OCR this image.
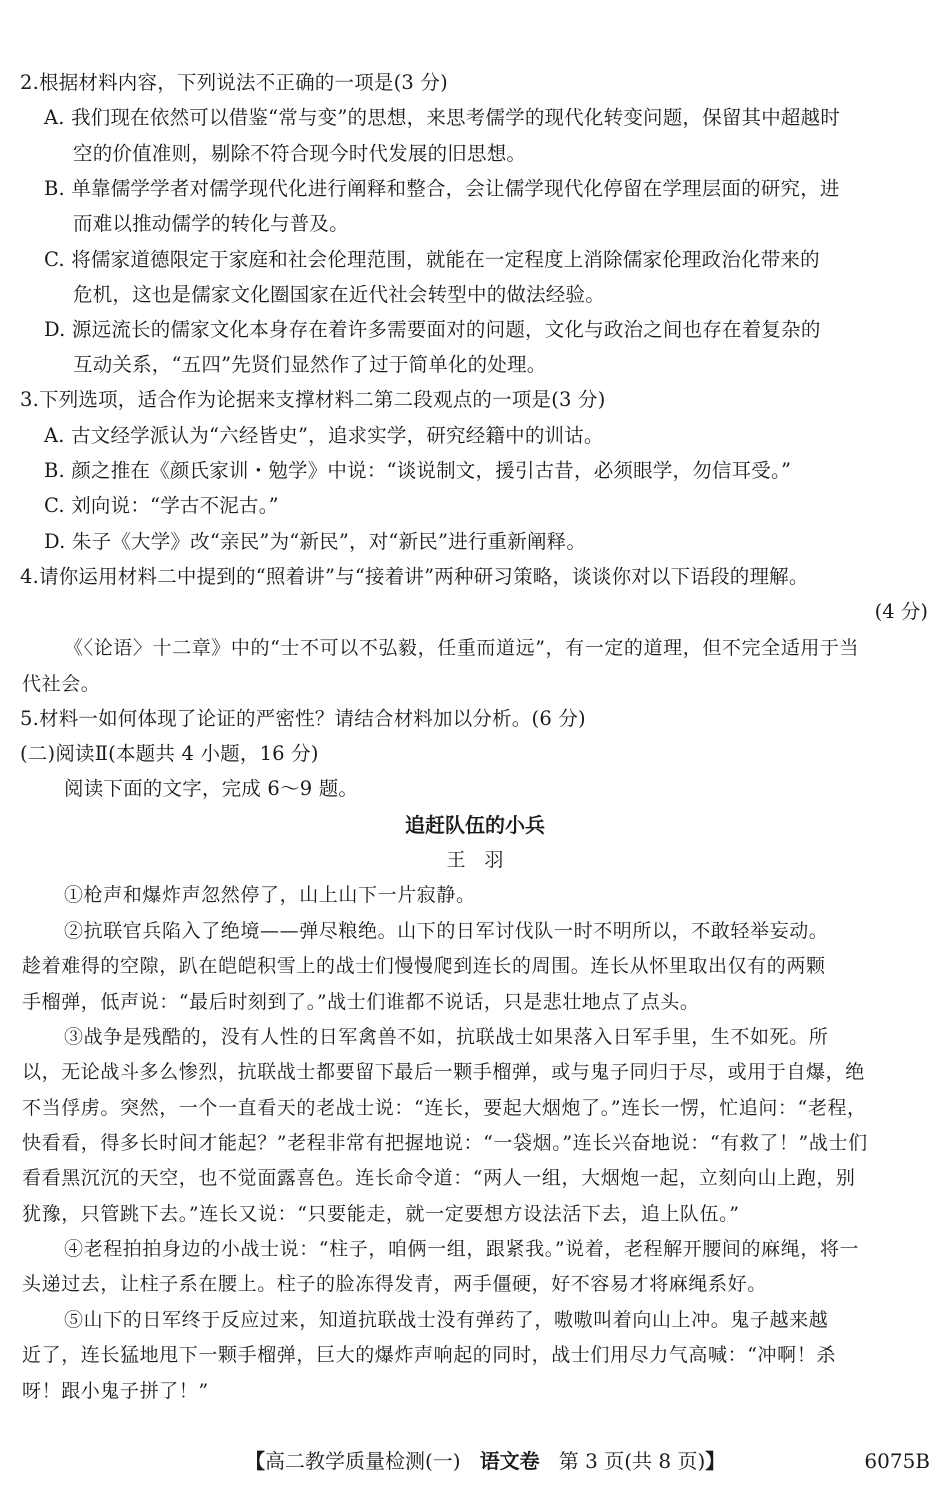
2.根据材料内容，下列说法不正确的一项是(3 分)
A. 我们现在依然可以借鉴“常与变”的思想，来思考儒学的现代化转变问题，保留其中超越时
空的价值准则，剔除不符合现今时代发展的旧思想。
B. 单靠儒学学者对儒学现代化进行阐释和整合，会让儒学现代化停留在学理层面的研究，进
而难以推动儒学的转化与普及。
C. 将儒家道德限定于家庭和社会伦理范围，就能在一定程度上消除儒家伦理政治化带来的
危机，这也是儒家文化圈国家在近代社会转型中的做法经验。
D. 源远流长的儒家文化本身存在着许多需要面对的问题，文化与政治之间也存在着复杂的
互动关系，“五四”先贤们显然作了过于简单化的处理。
3.下列选项，适合作为论据来支撑材料二第二段观点的一项是(3 分)
A. 古文经学派认为“六经皆史”，追求实学，研究经籍中的训诂。
B. 颜之推在《颜氏家训・勉学》中说：“谈说制文，援引古昔，必须眼学，勿信耳受。”
C. 刘向说：“学古不泥古。”
D. 朱子《大学》改“亲民”为“新民”，对“新民”进行重新阐释。
4.请你运用材料二中提到的“照着讲”与“接着讲”两种研习策略，谈谈你对以下语段的理解。
(4 分)
《〈论语〉十二章》中的“士不可以不弘毅，任重而道远”，有一定的道理，但不完全适用于当
代社会。
5.材料一如何体现了论证的严密性？请结合材料加以分析。(6 分)
(二)阅读Ⅱ(本题共 4 小题，16 分)
阅读下面的文字，完成 6～9 题。
追赶队伍的小兵
王　羽
①枪声和爆炸声忽然停了，山上山下一片寂静。
②抗联官兵陷入了绝境——弹尽粮绝。山下的日军讨伐队一时不明所以，不敢轻举妄动。
趁着难得的空隙，趴在皑皑积雪上的战士们慢慢爬到连长的周围。连长从怀里取出仅有的两颗
手榴弹，低声说：“最后时刻到了。”战士们谁都不说话，只是悲壮地点了点头。
③战争是残酷的，没有人性的日军禽兽不如，抗联战士如果落入日军手里，生不如死。所
以，无论战斗多么惨烈，抗联战士都要留下最后一颗手榴弹，或与鬼子同归于尽，或用于自爆，绝
不当俘虏。突然，一个一直看天的老战士说：“连长，要起大烟炮了。”连长一愣，忙追问：“老程，
快看看，得多长时间才能起？”老程非常有把握地说：“一袋烟。”连长兴奋地说：“有救了！”战士们
看看黑沉沉的天空，也不觉面露喜色。连长命令道：“两人一组，大烟炮一起，立刻向山上跑，别
犹豫，只管跳下去。”连长又说：“只要能走，就一定要想方设法活下去，追上队伍。”
④老程拍拍身边的小战士说：“柱子，咱俩一组，跟紧我。”说着，老程解开腰间的麻绳，将一
头递过去，让柱子系在腰上。柱子的脸冻得发青，两手僵硬，好不容易才将麻绳系好。
⑤山下的日军终于反应过来，知道抗联战士没有弹药了，嗷嗷叫着向山上冲。鬼子越来越
近了，连长猛地甩下一颗手榴弹，巨大的爆炸声响起的同时，战士们用尽力气高喊：“冲啊！杀
呀！跟小鬼子拼了！”
【高二教学质量检测(一) 语文卷 第 3 页(共 8 页)】	6075B
